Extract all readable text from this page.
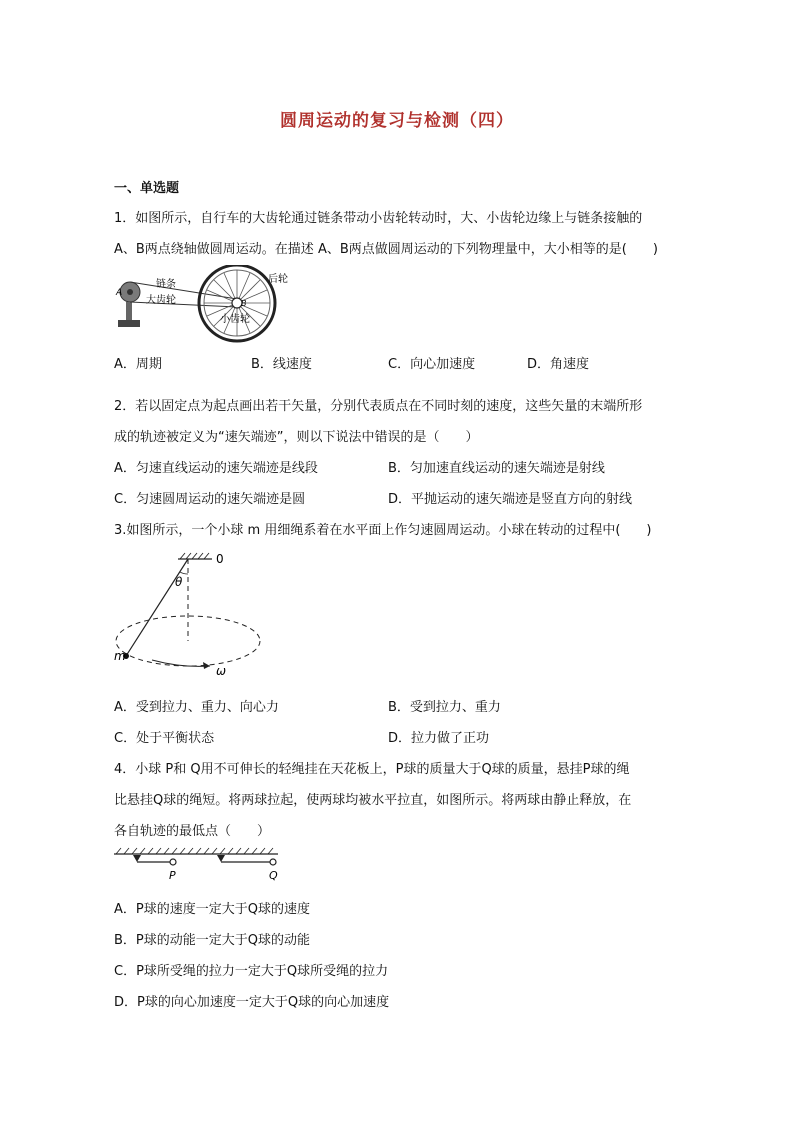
圆周运动的复习与检测（四）
一、单选题
1．如图所示，自行车的大齿轮通过链条带动小齿轮转动时，大、小齿轮边缘上与链条接触的
A、B两点绕轴做圆周运动。在描述 A、B两点做圆周运动的下列物理量中，大小相等的是(　　)
A
B
链条
大齿轮
后轮
小齿轮
A．周期	B．线速度	C．向心加速度	D．角速度
2．若以固定点为起点画出若干矢量，分别代表质点在不同时刻的速度，这些矢量的末端所形
成的轨迹被定义为“速矢端迹”，则以下说法中错误的是（　　）
A．匀速直线运动的速矢端迹是线段	B．匀加速直线运动的速矢端迹是射线
C．匀速圆周运动的速矢端迹是圆	D．平抛运动的速矢端迹是竖直方向的射线
3.如图所示，一个小球 m 用细绳系着在水平面上作匀速圆周运动。小球在转动的过程中(　　)
0
θ
m
ω
A．受到拉力、重力、向心力	B．受到拉力、重力
C．处于平衡状态	D．拉力做了正功
4．小球 P和 Q用不可伸长的轻绳挂在天花板上，P球的质量大于Q球的质量，悬挂P球的绳
比悬挂Q球的绳短。将两球拉起，使两球均被水平拉直，如图所示。将两球由静止释放，在
各自轨迹的最低点（　　）
P	Q
A．P球的速度一定大于Q球的速度
B．P球的动能一定大于Q球的动能
C．P球所受绳的拉力一定大于Q球所受绳的拉力
D．P球的向心加速度一定大于Q球的向心加速度
